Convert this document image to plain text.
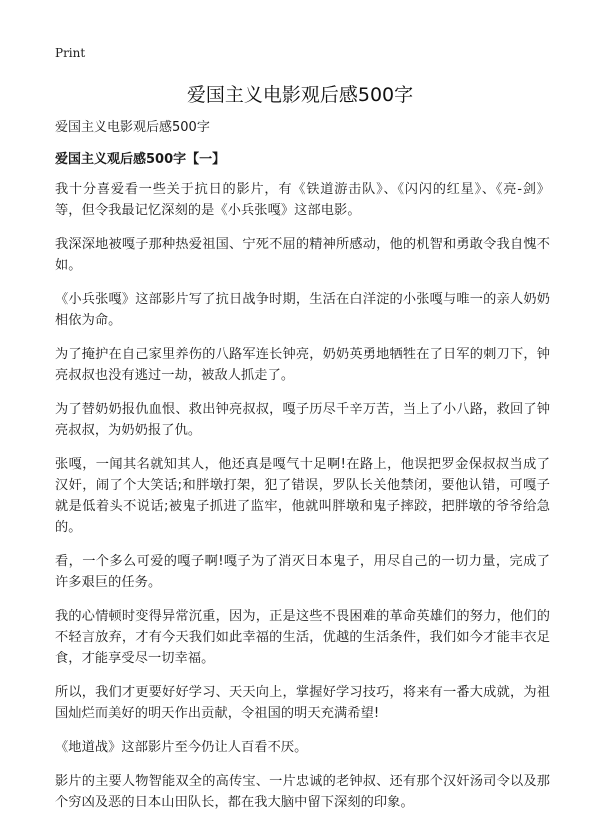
Print
爱国主义电影观后感500字

爱国主义电影观后感500字

爱国主义观后感500字【一】

我十分喜爱看一些关于抗日的影片，有《铁道游击队》、《闪闪的红星》、《亮-剑》等，但令我最记忆深刻的是《小兵张嘎》这部电影。

我深深地被嘎子那种热爱祖国、宁死不屈的精神所感动，他的机智和勇敢令我自愧不如。

《小兵张嘎》这部影片写了抗日战争时期，生活在白洋淀的小张嘎与唯一的亲人奶奶相依为命。

为了掩护在自己家里养伤的八路军连长钟亮，奶奶英勇地牺牲在了日军的刺刀下，钟亮叔叔也没有逃过一劫，被敌人抓走了。

为了替奶奶报仇血恨、救出钟亮叔叔，嘎子历尽千辛万苦，当上了小八路，救回了钟亮叔叔，为奶奶报了仇。

张嘎，一闻其名就知其人，他还真是嘎气十足啊!在路上，他误把罗金保叔叔当成了汉奸，闹了个大笑话;和胖墩打架，犯了错误，罗队长关他禁闭，要他认错，可嘎子就是低着头不说话;被鬼子抓进了监牢，他就叫胖墩和鬼子摔跤，把胖墩的爷爷给急的。

看，一个多么可爱的嘎子啊!嘎子为了消灭日本鬼子，用尽自己的一切力量，完成了许多艰巨的任务。

我的心情顿时变得异常沉重，因为，正是这些不畏困难的革命英雄们的努力，他们的不轻言放弃，才有今天我们如此幸福的生活，优越的生活条件，我们如今才能丰衣足食，才能享受尽一切幸福。

所以，我们才更要好好学习、天天向上，掌握好学习技巧，将来有一番大成就，为祖国灿烂而美好的明天作出贡献，令祖国的明天充满希望!

《地道战》这部影片至今仍让人百看不厌。

影片的主要人物智能双全的高传宝、一片忠诚的老钟叔、还有那个汉奸汤司令以及那个穷凶及恶的日本山田队长，都在我大脑中留下深刻的印象。
